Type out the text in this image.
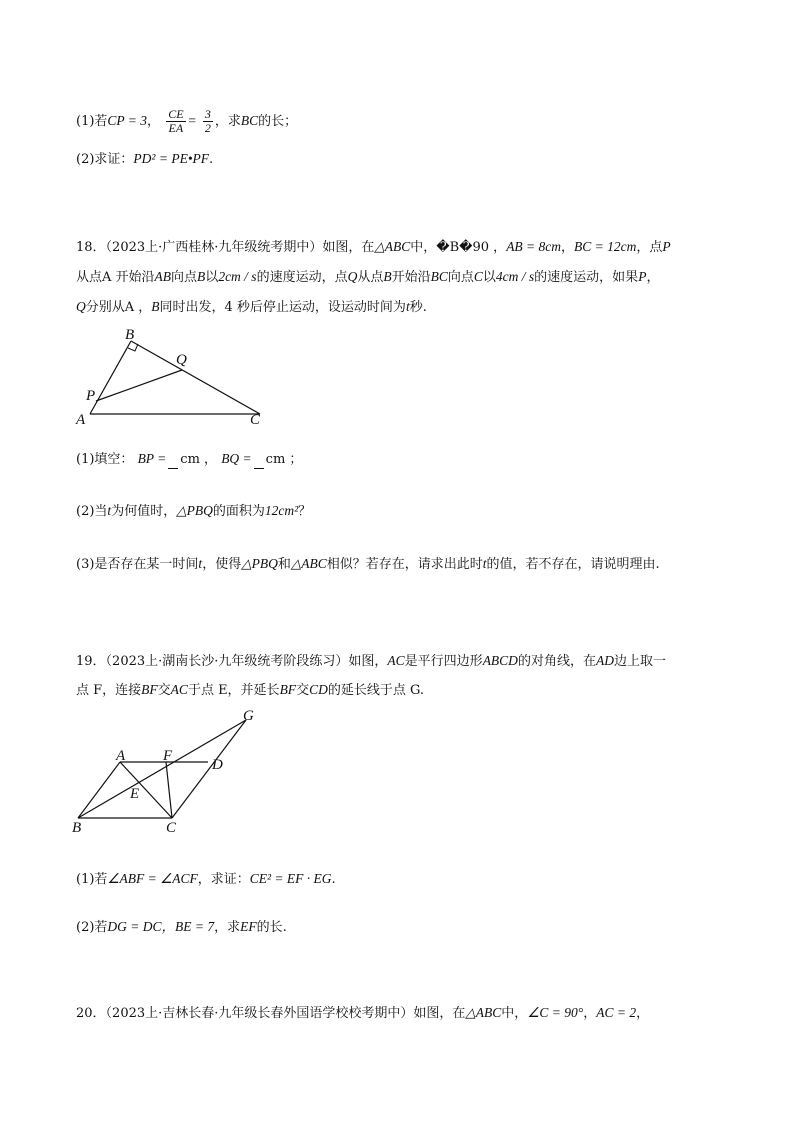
(1)若CP = 3， $\frac{CE}{EA} = \frac{3}{2}$ ，求BC的长；
(2)求证：PD² = PE•PF.
18．（2023上·广西桂林·九年级统考期中）如图，在△ABC中，�B�90 ，AB = 8cm，BC = 12cm，点P
从点A 开始沿AB向点B以2cm / s的速度运动，点Q从点B开始沿BC向点C以4cm / s的速度运动，如果P，
Q分别从A ，B同时出发，4 秒后停止运动，设运动时间为t秒.
B
Q
P
A	C
(1)填空： BP = cm ， BQ = cm ；
(2)当t为何值时，△PBQ的面积为12cm²？
(3)是否存在某一时间t，使得△PBQ和△ABC相似？若存在，请求出此时t的值，若不存在，请说明理由.
19．（2023上·湖南长沙·九年级统考阶段练习）如图，AC是平行四边形ABCD的对角线，在AD边上取一
点 F，连接BF交AC于点 E，并延长BF交CD的延长线于点 G.
G
A	F
D
E
B	C
(1)若∠ABF = ∠ACF，求证：CE² = EF · EG.
(2)若DG = DC，BE = 7，求EF的长.
20．（2023上·吉林长春·九年级长春外国语学校校考期中）如图，在△ABC中，∠C = 90°，AC = 2，
